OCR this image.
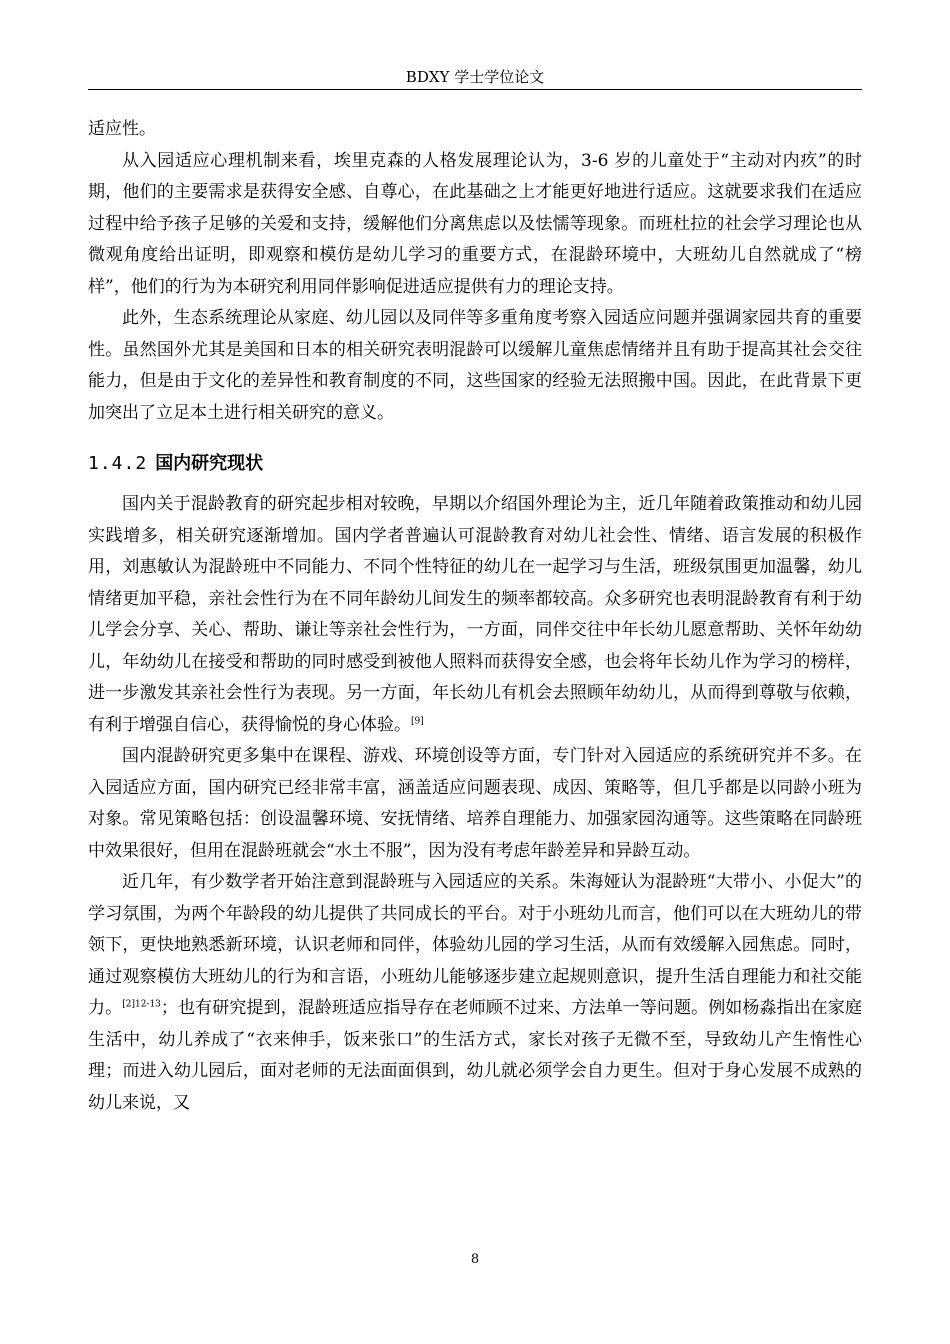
BDXY 学士学位论文

适应性。

从入园适应心理机制来看，埃里克森的人格发展理论认为，3-6 岁的儿童处于“主动对内疚”的时期，他们的主要需求是获得安全感、自尊心，在此基础之上才能更好地进行适应。这就要求我们在适应过程中给予孩子足够的关爱和支持，缓解他们分离焦虑以及怯懦等现象。而班杜拉的社会学习理论也从微观角度给出证明，即观察和模仿是幼儿学习的重要方式，在混龄环境中，大班幼儿自然就成了“榜样”，他们的行为为本研究利用同伴影响促进适应提供有力的理论支持。

此外，生态系统理论从家庭、幼儿园以及同伴等多重角度考察入园适应问题并强调家园共育的重要性。虽然国外尤其是美国和日本的相关研究表明混龄可以缓解儿童焦虑情绪并且有助于提高其社会交往能力，但是由于文化的差异性和教育制度的不同，这些国家的经验无法照搬中国。因此，在此背景下更加突出了立足本土进行相关研究的意义。

1.4.2 国内研究现状

国内关于混龄教育的研究起步相对较晚，早期以介绍国外理论为主，近几年随着政策推动和幼儿园实践增多，相关研究逐渐增加。国内学者普遍认可混龄教育对幼儿社会性、情绪、语言发展的积极作用，刘惠敏认为混龄班中不同能力、不同个性特征的幼儿在一起学习与生活，班级氛围更加温馨，幼儿情绪更加平稳，亲社会性行为在不同年龄幼儿间发生的频率都较高。众多研究也表明混龄教育有利于幼儿学会分享、关心、帮助、谦让等亲社会性行为，一方面，同伴交往中年长幼儿愿意帮助、关怀年幼幼儿，年幼幼儿在接受和帮助的同时感受到被他人照料而获得安全感，也会将年长幼儿作为学习的榜样，进一步激发其亲社会性行为表现。另一方面，年长幼儿有机会去照顾年幼幼儿，从而得到尊敬与依赖，有利于增强自信心，获得愉悦的身心体验。[9]

国内混龄研究更多集中在课程、游戏、环境创设等方面，专门针对入园适应的系统研究并不多。在入园适应方面，国内研究已经非常丰富，涵盖适应问题表现、成因、策略等，但几乎都是以同龄小班为对象。常见策略包括：创设温馨环境、安抚情绪、培养自理能力、加强家园沟通等。这些策略在同龄班中效果很好，但用在混龄班就会“水土不服”，因为没有考虑年龄差异和异龄互动。

近几年，有少数学者开始注意到混龄班与入园适应的关系。朱海娅认为混龄班“大带小、小促大”的学习氛围，为两个年龄段的幼儿提供了共同成长的平台。对于小班幼儿而言，他们可以在大班幼儿的带领下，更快地熟悉新环境，认识老师和同伴，体验幼儿园的学习生活，从而有效缓解入园焦虑。同时，通过观察模仿大班幼儿的行为和言语，小班幼儿能够逐步建立起规则意识，提升生活自理能力和社交能力。$^{[2]12-13}$；也有研究提到，混龄班适应指导存在老师顾不过来、方法单一等问题。例如杨淼指出在家庭生活中，幼儿养成了“衣来伸手，饭来张口”的生活方式，家长对孩子无微不至，导致幼儿产生惰性心理；而进入幼儿园后，面对老师的无法面面俱到，幼儿就必须学会自力更生。但对于身心发展不成熟的幼儿来说，又

8
